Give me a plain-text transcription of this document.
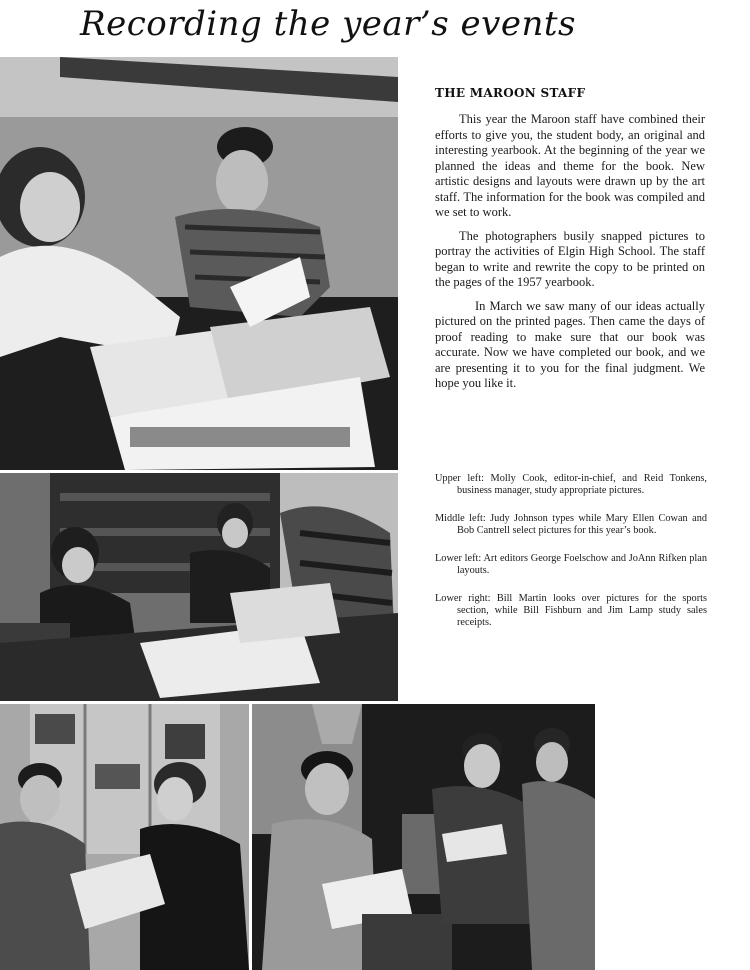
Recording the year’s events
THE MAROON STAFF

This year the Maroon staff have combined their efforts to give you, the student body, an original and interesting yearbook. At the beginning of the year we planned the ideas and theme for the book. New artistic designs and layouts were drawn up by the art staff. The information for the book was compiled and we set to work.

The photographers busily snapped pictures to portray the activities of Elgin High School. The staff began to write and rewrite the copy to be printed on the pages of the 1957 yearbook.

In March we saw many of our ideas actually pictured on the printed pages. Then came the days of proof reading to make sure that our book was accurate. Now we have completed our book, and we are presenting it to you for the final judgment. We hope you like it.

Upper left: Molly Cook, editor-in-chief, and Reid Tonkens, business manager, study appropriate pictures.

Middle left: Judy Johnson types while Mary Ellen Cowan and Bob Cantrell select pictures for this year’s book.

Lower left: Art editors George Foelschow and JoAnn Rifken plan layouts.

Lower right: Bill Martin looks over pictures for the sports section, while Bill Fishburn and Jim Lamp study sales receipts.
